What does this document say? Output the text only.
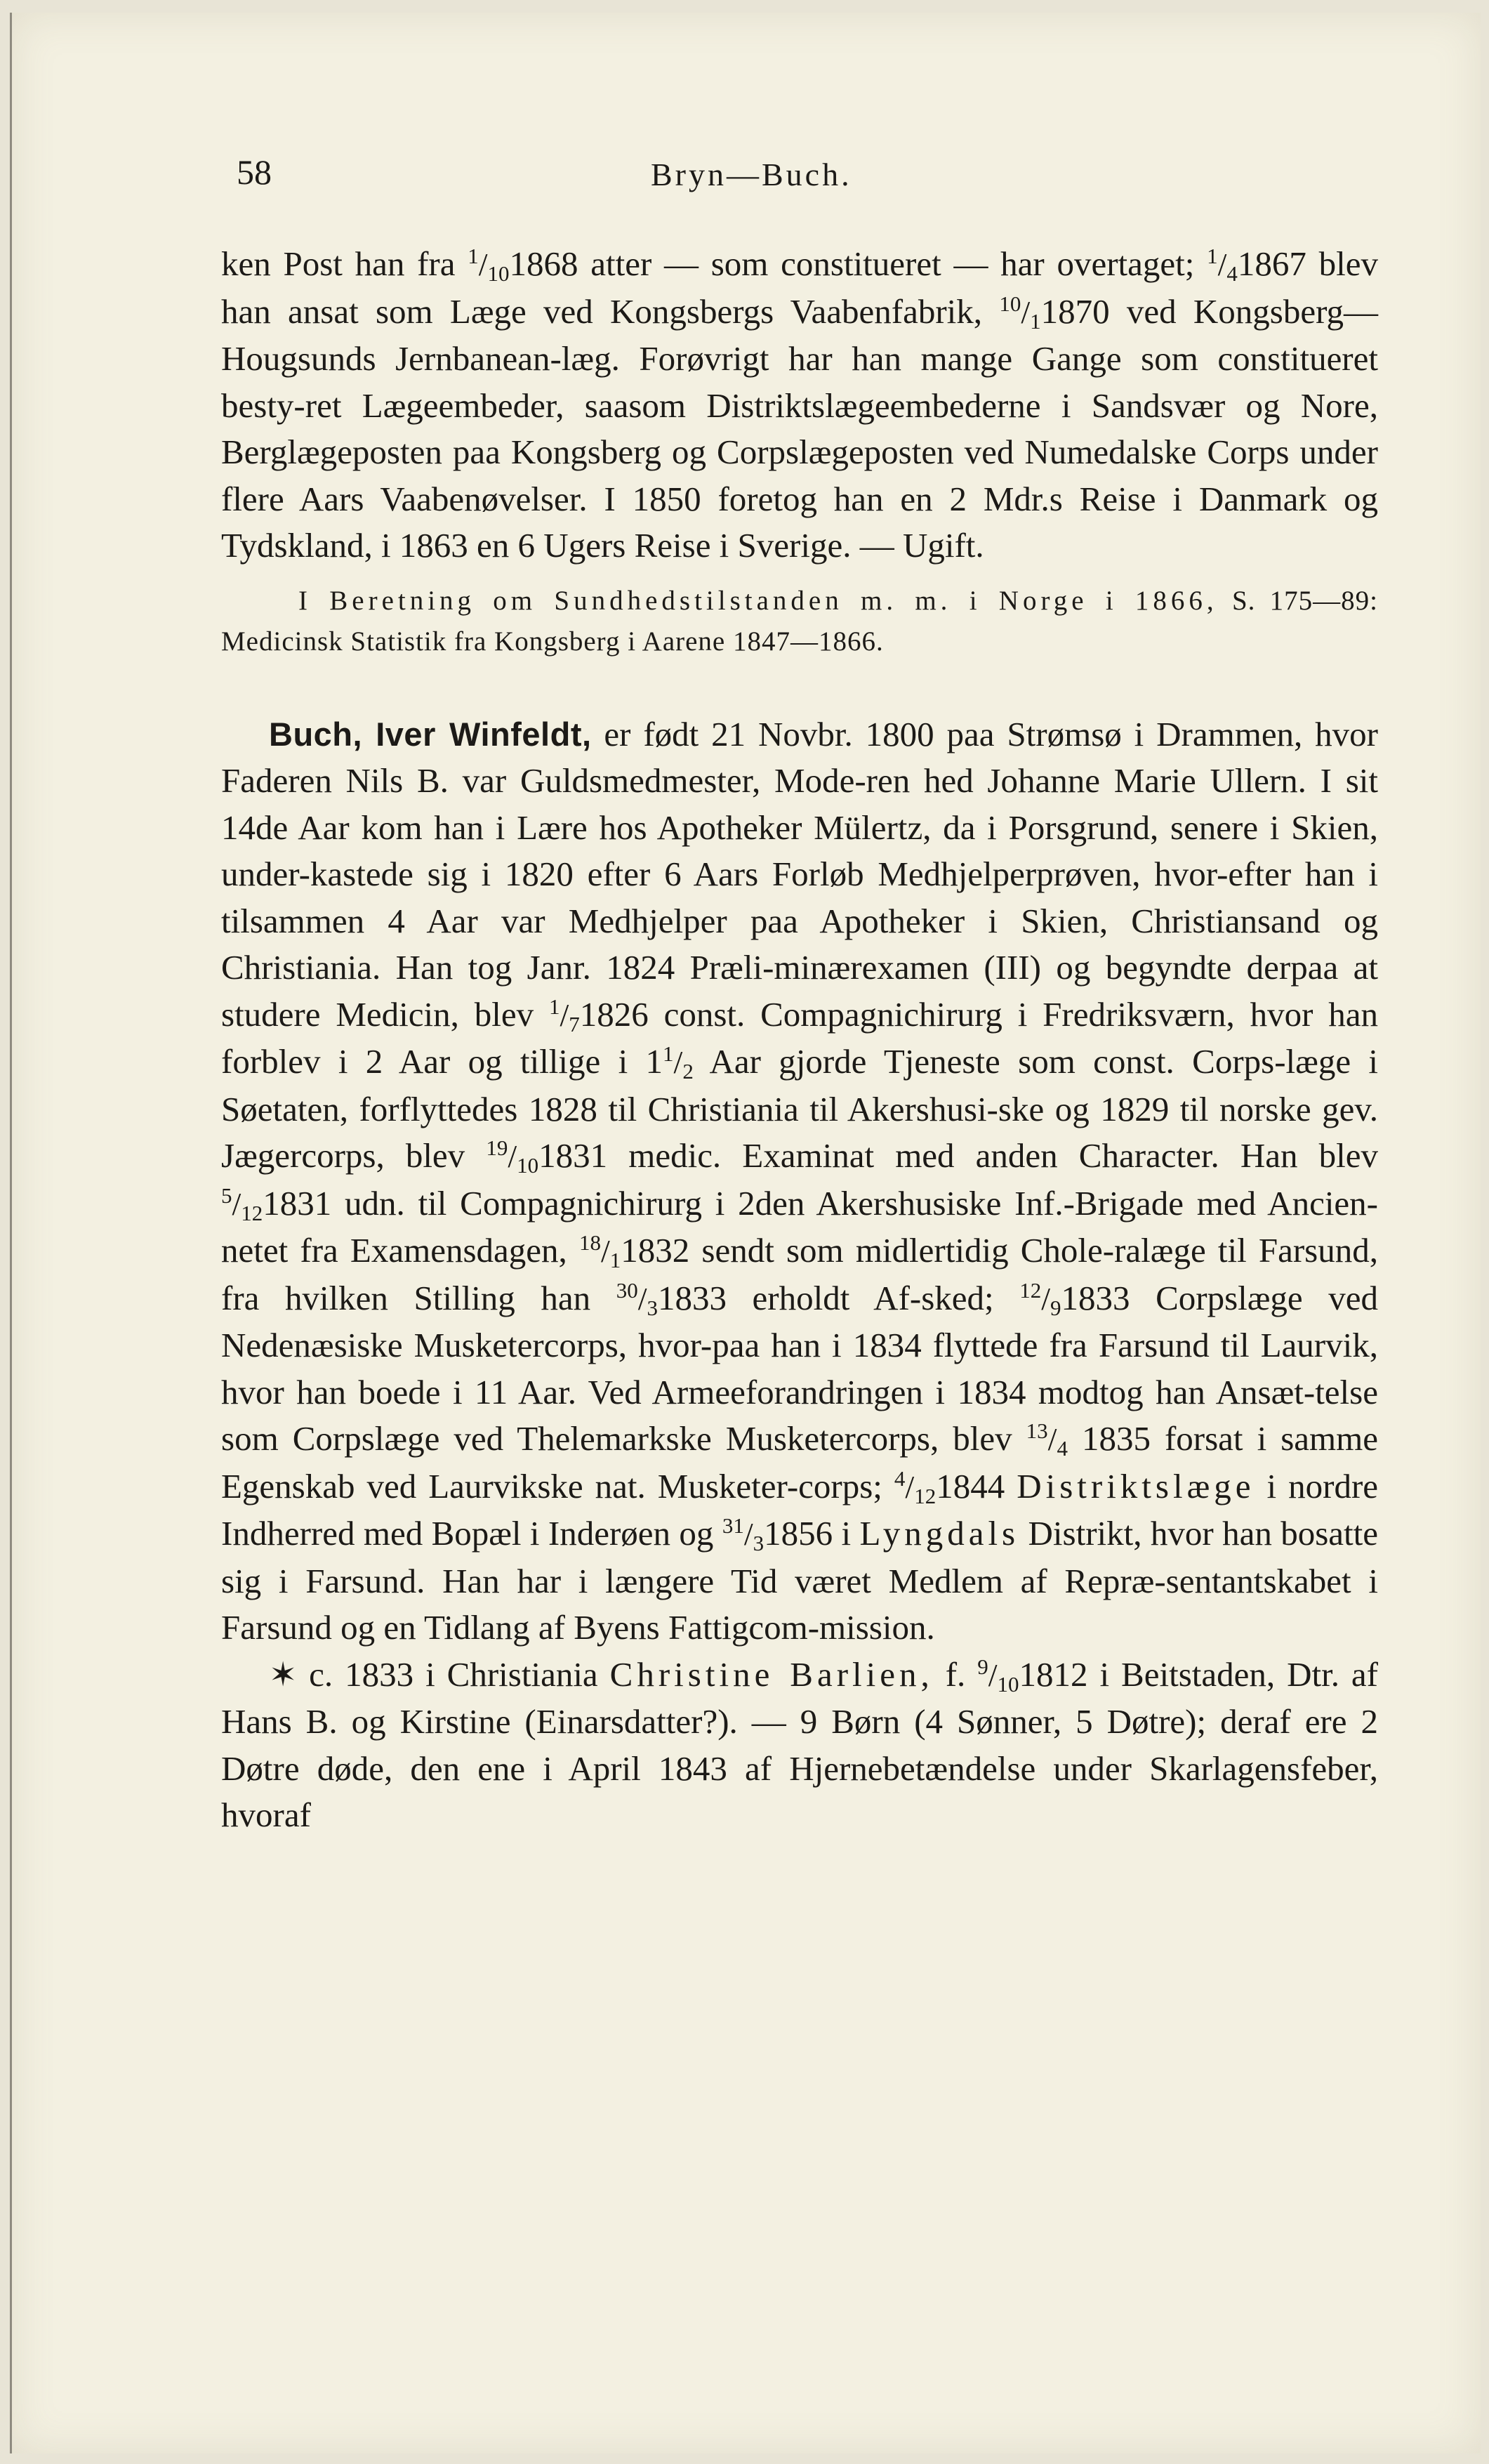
58	Bryn—Buch.

ken Post han fra $^1/_{10}1868$ atter — som constitueret — har overtaget; $^1/_41867$ blev han ansat som Læge ved Kongsbergs Vaabenfabrik, $^{10}/_11870$ ved Kongsberg—Hougsunds Jernbanean-læg. Forøvrigt har han mange Gange som constitueret besty-ret Lægeembeder, saasom Distriktslægeembederne i Sandsvær og Nore, Berglægeposten paa Kongsberg og Corpslægeposten ved Numedalske Corps under flere Aars Vaabenøvelser. I 1850 foretog han en 2 Mdr.s Reise i Danmark og Tydskland, i 1863 en 6 Ugers Reise i Sverige. — Ugift.

I Beretning om Sundhedstilstanden m. m. i Norge i 1866, S. 175—89: Medicinsk Statistik fra Kongsberg i Aarene 1847—1866.

Buch, Iver Winfeldt, er født 21 Novbr. 1800 paa Strømsø i Drammen, hvor Faderen Nils B. var Guldsmedmester, Mode-ren hed Johanne Marie Ullern. I sit 14de Aar kom han i Lære hos Apotheker Mülertz, da i Porsgrund, senere i Skien, under-kastede sig i 1820 efter 6 Aars Forløb Medhjelperprøven, hvor-efter han i tilsammen 4 Aar var Medhjelper paa Apotheker i Skien, Christiansand og Christiania. Han tog Janr. 1824 Præli-minærexamen (III) og begyndte derpaa at studere Medicin, blev $^1/_71826$ const. Compagnichirurg i Fredriksværn, hvor han forblev i 2 Aar og tillige i $1^1/_2$ Aar gjorde Tjeneste som const. Corps-læge i Søetaten, forflyttedes 1828 til Christiania til Akershusi-ske og 1829 til norske gev. Jægercorps, blev $^{19}/_{10}1831$ medic. Examinat med anden Character. Han blev $^5/_{12}1831$ udn. til Compagnichirurg i 2den Akershusiske Inf.-Brigade med Ancien-netet fra Examensdagen, $^{18}/_11832$ sendt som midlertidig Chole-ralæge til Farsund, fra hvilken Stilling han $^{30}/_31833$ erholdt Af-sked; $^{12}/_91833$ Corpslæge ved Nedenæsiske Musketercorps, hvor-paa han i 1834 flyttede fra Farsund til Laurvik, hvor han boede i 11 Aar. Ved Armeeforandringen i 1834 modtog han Ansæt-telse som Corpslæge ved Thelemarkske Musketercorps, blev $^{13}/_4$ 1835 forsat i samme Egenskab ved Laurvikske nat. Musketer-corps; $^4/_{12}1844$ Distriktslæge i nordre Indherred med Bopæl i Inderøen og $^{31}/_31856$ i Lyngdals Distrikt, hvor han bosatte sig i Farsund. Han har i længere Tid været Medlem af Repræ-sentantskabet i Farsund og en Tidlang af Byens Fattigcom-mission.

✶ c. 1833 i Christiania Christine Barlien, f. $^9/_{10}1812$ i Beitstaden, Dtr. af Hans B. og Kirstine (Einarsdatter?). — 9 Børn (4 Sønner, 5 Døtre); deraf ere 2 Døtre døde, den ene i April 1843 af Hjernebetændelse under Skarlagensfeber, hvoraf
